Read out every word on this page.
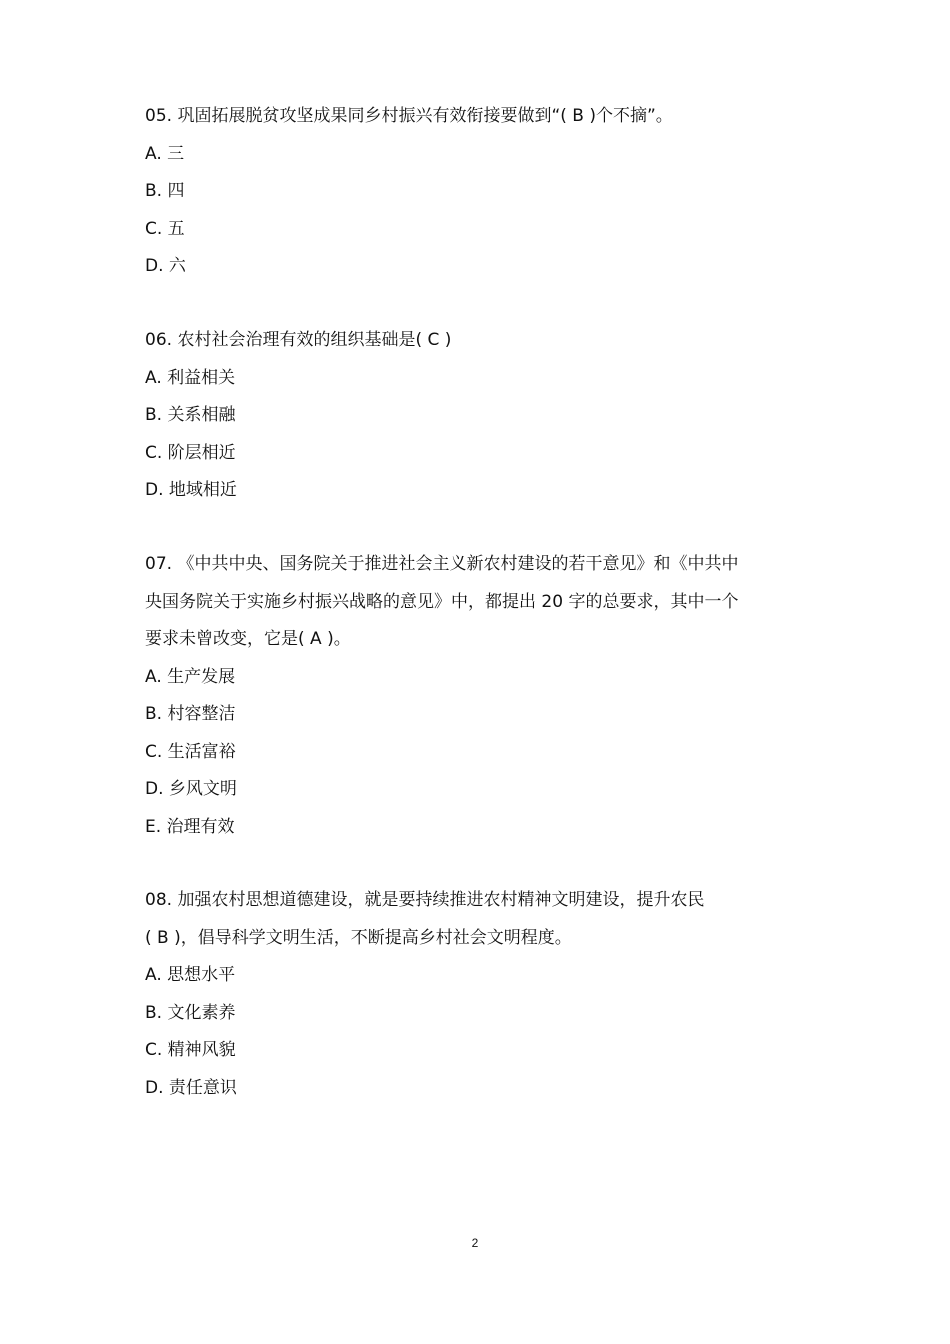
05. 巩固拓展脱贫攻坚成果同乡村振兴有效衔接要做到“( B )个不摘”。
A. 三
B. 四
C. 五
D. 六
06. 农村社会治理有效的组织基础是( C )
A. 利益相关
B. 关系相融
C. 阶层相近
D. 地域相近
07. 《中共中央、国务院关于推进社会主义新农村建设的若干意见》和《中共中
央国务院关于实施乡村振兴战略的意见》中，都提出 20 字的总要求，其中一个
要求未曾改变，它是( A )。
A. 生产发展
B. 村容整洁
C. 生活富裕
D. 乡风文明
E. 治理有效
08. 加强农村思想道德建设，就是要持续推进农村精神文明建设，提升农民
( B )，倡导科学文明生活，不断提高乡村社会文明程度。
A. 思想水平
B. 文化素养
C. 精神风貌
D. 责任意识
2
